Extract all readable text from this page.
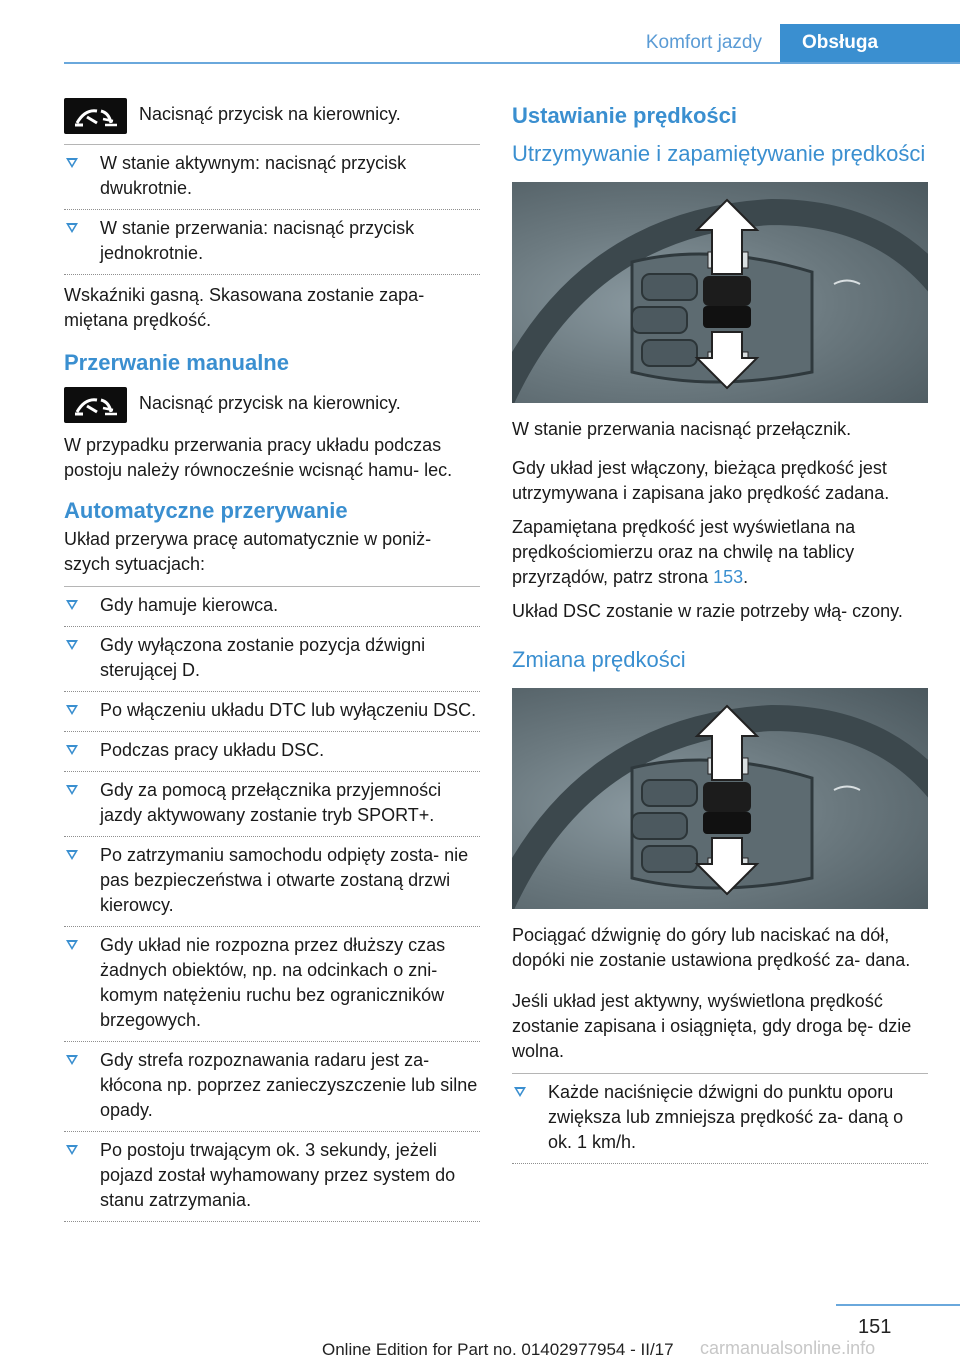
Komfort jazdy	Obsługa
Nacisnąć przycisk na kierownicy.
W stanie aktywnym: nacisnąć przycisk dwukrotnie.
W stanie przerwania: nacisnąć przycisk jednokrotnie.

Wskaźniki gasną. Skasowana zostanie zapa‐ miętana prędkość.

Przerwanie manualne
Nacisnąć przycisk na kierownicy.

W przypadku przerwania pracy układu podczas postoju należy równocześnie wcisnąć hamu‐ lec.

Automatyczne przerywanie

Układ przerywa pracę automatycznie w poniż‐ szych sytuacjach:

Gdy hamuje kierowca.
Gdy wyłączona zostanie pozycja dźwigni sterującej D.
Po włączeniu układu DTC lub wyłączeniu DSC.
Podczas pracy układu DSC.
Gdy za pomocą przełącznika przyjemności jazdy aktywowany zostanie tryb SPORT+.
Po zatrzymaniu samochodu odpięty zosta‐ nie pas bezpieczeństwa i otwarte zostaną drzwi kierowcy.
Gdy układ nie rozpozna przez dłuższy czas żadnych obiektów, np. na odcinkach o zni‐ komym natężeniu ruchu bez ograniczników brzegowych.
Gdy strefa rozpoznawania radaru jest za‐ kłócona np. poprzez zanieczyszczenie lub silne opady.
Po postoju trwającym ok. 3 sekundy, jeżeli pojazd został wyhamowany przez system do stanu zatrzymania.
Ustawianie prędkości
Utrzymywanie i zapamiętywanie prędkości

W stanie przerwania nacisnąć przełącznik.

Gdy układ jest włączony, bieżąca prędkość jest utrzymywana i zapisana jako prędkość zadana.

Zapamiętana prędkość jest wyświetlana na prędkościomierzu oraz na chwilę na tablicy przyrządów, patrz strona 153.

Układ DSC zostanie w razie potrzeby włą‐ czony.

Zmiana prędkości

Pociągać dźwignię do góry lub naciskać na dół, dopóki nie zostanie ustawiona prędkość za‐ dana.

Jeśli układ jest aktywny, wyświetlona prędkość zostanie zapisana i osiągnięta, gdy droga bę‐ dzie wolna.

Każde naciśnięcie dźwigni do punktu oporu zwiększa lub zmniejsza prędkość za‐ daną o ok. 1 km/h.
151
Online Edition for Part no. 01402977954 - II/17 carmanualsonline.info
